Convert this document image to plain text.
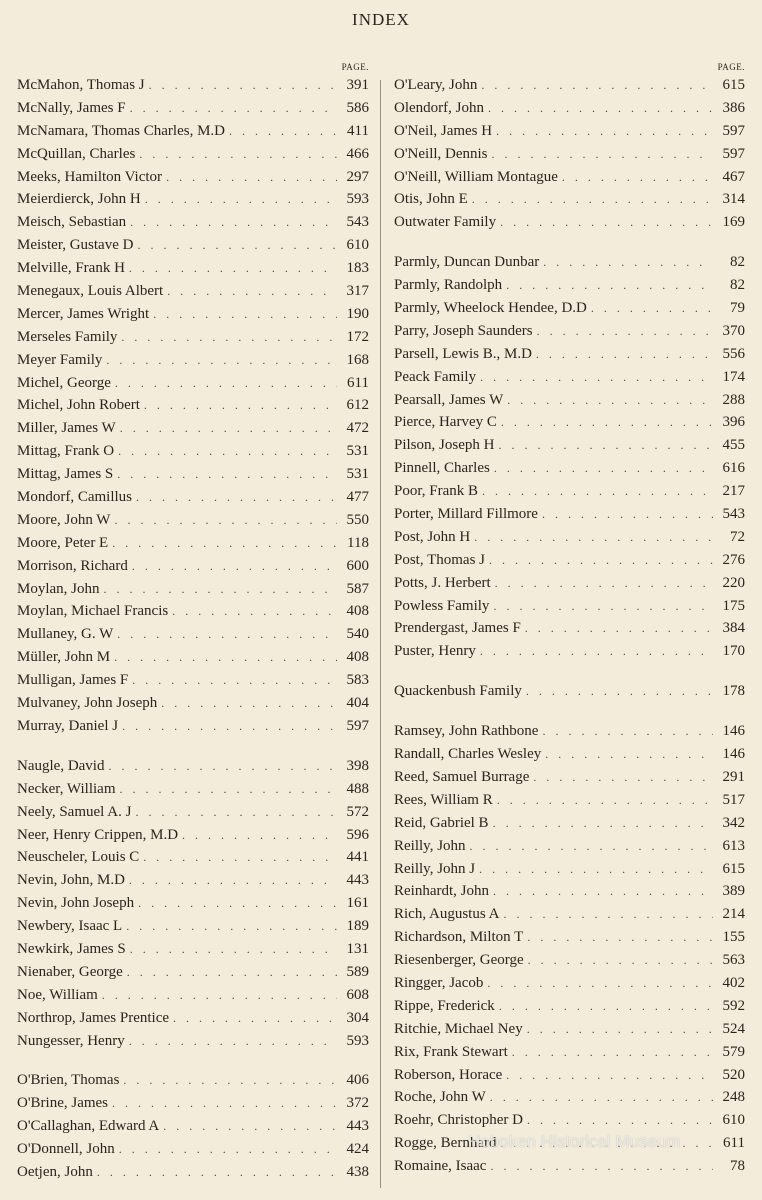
INDEX
PAGE.
McMahon, Thomas J . . .	391
McNally, James F . . .	586
McNamara, Thomas Charles, M.D . . .	411
McQuillan, Charles . . .	466
Meeks, Hamilton Victor . . .	297
Meierdierck, John H . . .	593
Meisch, Sebastian . . .	543
Meister, Gustave D . . .	610
Melville, Frank H . . .	183
Menegaux, Louis Albert . . .	317
Mercer, James Wright . . .	190
Merseles Family . . .	172
Meyer Family . . .	168
Michel, George . . .	611
Michel, John Robert . . .	612
Miller, James W . . .	472
Mittag, Frank O . . .	531
Mittag, James S . . .	531
Mondorf, Camillus . . .	477
Moore, John W . . .	550
Moore, Peter E . . .	118
Morrison, Richard . . .	600
Moylan, John . . .	587
Moylan, Michael Francis . . .	408
Mullaney, G. W . . .	540
Müller, John M . . .	408
Mulligan, James F . . .	583
Mulvaney, John Joseph . . .	404
Murray, Daniel J . . .	597
Naugle, David . . .	398
Necker, William . . .	488
Neely, Samuel A. J . . .	572
Neer, Henry Crippen, M.D . . .	596
Neuscheler, Louis C . . .	441
Nevin, John, M.D . . .	443
Nevin, John Joseph . . .	161
Newbery, Isaac L . . .	189
Newkirk, James S . . .	131
Nienaber, George . . .	589
Noe, William . . .	608
Northrop, James Prentice . . .	304
Nungesser, Henry . . .	593
O'Brien, Thomas . . .	406
O'Brine, James . . .	372
O'Callaghan, Edward A . . .	443
O'Donnell, John . . .	424
Oetjen, John . . .	438
PAGE.
O'Leary, John . . .	615
Olendorf, John . . .	386
O'Neil, James H . . .	597
O'Neill, Dennis . . .	597
O'Neill, William Montague . . .	467
Otis, John E . . .	314
Outwater Family . . .	169
Parmly, Duncan Dunbar . . .	82
Parmly, Randolph . . .	82
Parmly, Wheelock Hendee, D.D . . .	79
Parry, Joseph Saunders . . .	370
Parsell, Lewis B., M.D . . .	556
Peack Family . . .	174
Pearsall, James W . . .	288
Pierce, Harvey C . . .	396
Pilson, Joseph H . . .	455
Pinnell, Charles . . .	616
Poor, Frank B . . .	217
Porter, Millard Fillmore . . .	543
Post, John H . . .	72
Post, Thomas J . . .	276
Potts, J. Herbert . . .	220
Powless Family . . .	175
Prendergast, James F . . .	384
Puster, Henry . . .	170
Quackenbush Family . . .	178
Ramsey, John Rathbone . . .	146
Randall, Charles Wesley . . .	146
Reed, Samuel Burrage . . .	291
Rees, William R . . .	517
Reid, Gabriel B . . .	342
Reilly, John . . .	613
Reilly, John J . . .	615
Reinhardt, John . . .	389
Rich, Augustus A . . .	214
Richardson, Milton T . . .	155
Riesenberger, George . . .	563
Ringger, Jacob . . .	402
Rippe, Frederick . . .	592
Ritchie, Michael Ney . . .	524
Rix, Frank Stewart . . .	579
Roberson, Horace . . .	520
Roche, John W . . .	248
Roehr, Christopher D . . .	610
Rogge, Bernhard . . .	611
Romaine, Isaac . . .	78
Hoboken Historical Museum
